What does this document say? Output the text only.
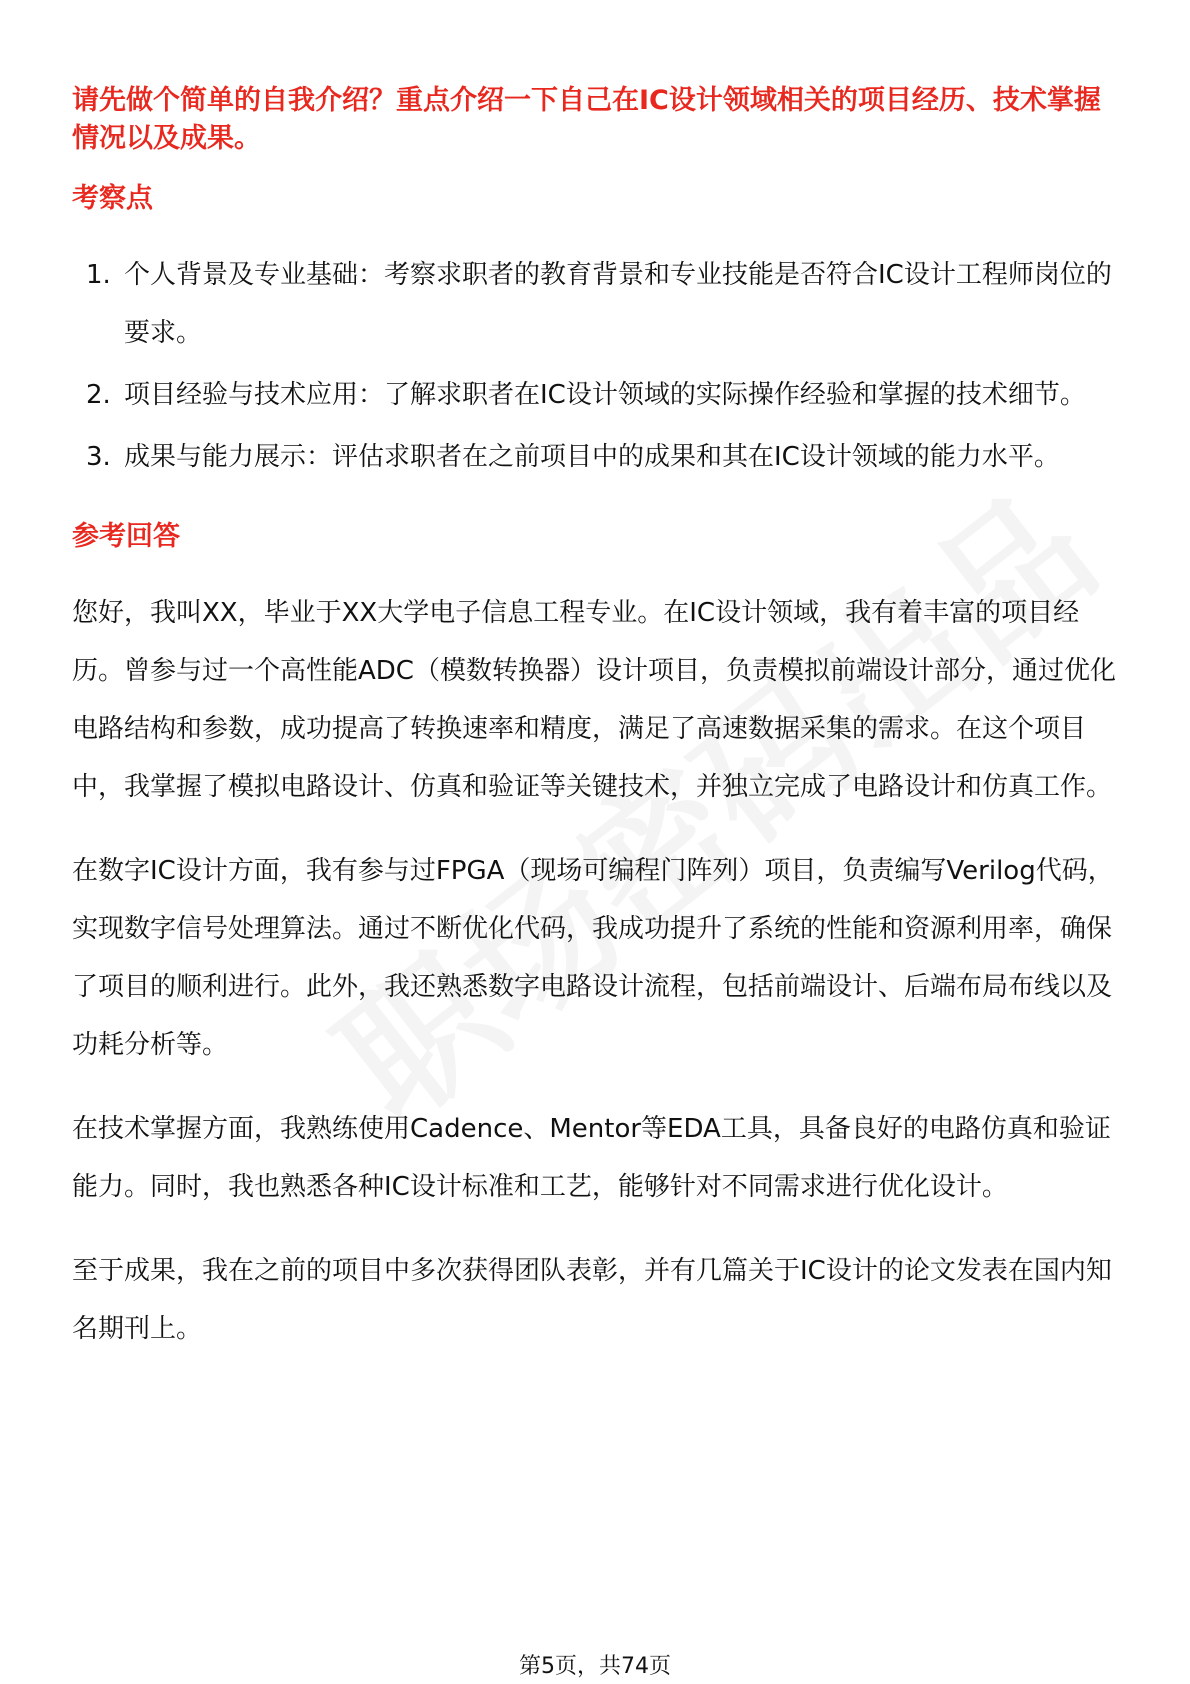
请先做个简单的自我介绍？重点介绍一下自己在IC设计领域相关的项目经历、技术掌握情况以及成果。
考察点
1. 个人背景及专业基础：考察求职者的教育背景和专业技能是否符合IC设计工程师岗位的要求。
2. 项目经验与技术应用：了解求职者在IC设计领域的实际操作经验和掌握的技术细节。
3. 成果与能力展示：评估求职者在之前项目中的成果和其在IC设计领域的能力水平。
参考回答

您好，我叫XX，毕业于XX大学电子信息工程专业。在IC设计领域，我有着丰富的项目经历。曾参与过一个高性能ADC（模数转换器）设计项目，负责模拟前端设计部分，通过优化电路结构和参数，成功提高了转换速率和精度，满足了高速数据采集的需求。在这个项目中，我掌握了模拟电路设计、仿真和验证等关键技术，并独立完成了电路设计和仿真工作。

在数字IC设计方面，我有参与过FPGA（现场可编程门阵列）项目，负责编写Verilog代码，实现数字信号处理算法。通过不断优化代码，我成功提升了系统的性能和资源利用率，确保了项目的顺利进行。此外，我还熟悉数字电路设计流程，包括前端设计、后端布局布线以及功耗分析等。

在技术掌握方面，我熟练使用Cadence、Mentor等EDA工具，具备良好的电路仿真和验证能力。同时，我也熟悉各种IC设计标准和工艺，能够针对不同需求进行优化设计。

至于成果，我在之前的项目中多次获得团队表彰，并有几篇关于IC设计的论文发表在国内知名期刊上。

第5页，共74页
